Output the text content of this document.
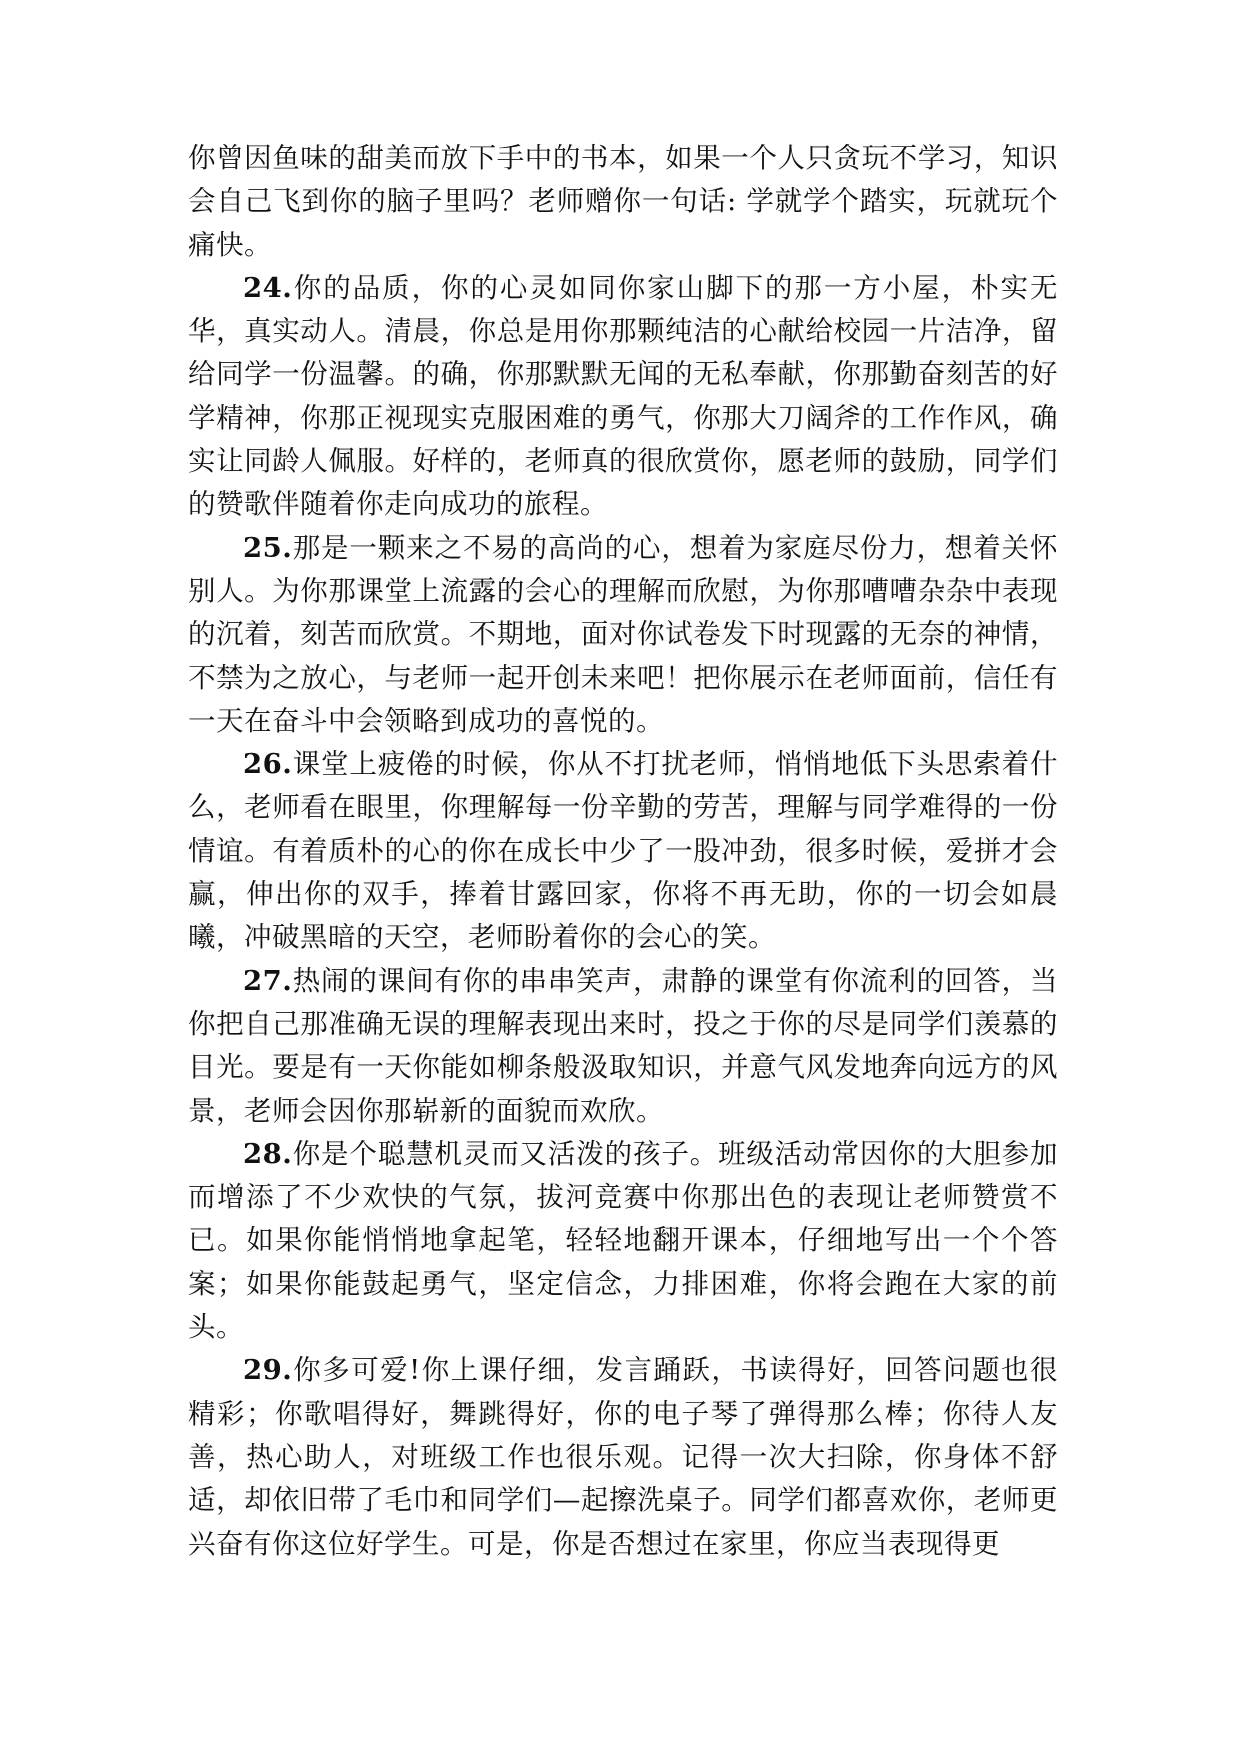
你曾因鱼味的甜美而放下手中的书本，如果一个人只贪玩不学习，知识会自己飞到你的脑子里吗？老师赠你一句话: 学就学个踏实，玩就玩个痛快。

24.你的品质，你的心灵如同你家山脚下的那一方小屋，朴实无华，真实动人。清晨，你总是用你那颗纯洁的心献给校园一片洁净，留给同学一份温馨。的确，你那默默无闻的无私奉献，你那勤奋刻苦的好学精神，你那正视现实克服困难的勇气，你那大刀阔斧的工作作风，确实让同龄人佩服。好样的，老师真的很欣赏你，愿老师的鼓励，同学们的赞歌伴随着你走向成功的旅程。

25.那是一颗来之不易的高尚的心，想着为家庭尽份力，想着关怀别人。为你那课堂上流露的会心的理解而欣慰，为你那嘈嘈杂杂中表现的沉着，刻苦而欣赏。不期地，面对你试卷发下时现露的无奈的神情，不禁为之放心，与老师一起开创未来吧！把你展示在老师面前，信任有一天在奋斗中会领略到成功的喜悦的。

26.课堂上疲倦的时候，你从不打扰老师，悄悄地低下头思索着什么，老师看在眼里，你理解每一份辛勤的劳苦，理解与同学难得的一份情谊。有着质朴的心的你在成长中少了一股冲劲，很多时候，爱拼才会赢，伸出你的双手，捧着甘露回家，你将不再无助，你的一切会如晨曦，冲破黑暗的天空，老师盼着你的会心的笑。

27.热闹的课间有你的串串笑声，肃静的课堂有你流利的回答，当你把自己那准确无误的理解表现出来时，投之于你的尽是同学们羡慕的目光。要是有一天你能如柳条般汲取知识，并意气风发地奔向远方的风景，老师会因你那崭新的面貌而欢欣。

28.你是个聪慧机灵而又活泼的孩子。班级活动常因你的大胆参加而增添了不少欢快的气氛，拔河竞赛中你那出色的表现让老师赞赏不已。如果你能悄悄地拿起笔，轻轻地翻开课本，仔细地写出一个个答案；如果你能鼓起勇气，坚定信念，力排困难，你将会跑在大家的前头。

29.你多可爱!你上课仔细，发言踊跃，书读得好，回答问题也很精彩；你歌唱得好，舞跳得好，你的电子琴了弹得那么棒；你待人友善，热心助人，对班级工作也很乐观。记得一次大扫除，你身体不舒适，却依旧带了毛巾和同学们—起擦洗桌子。同学们都喜欢你，老师更兴奋有你这位好学生。可是，你是否想过在家里，你应当表现得更
